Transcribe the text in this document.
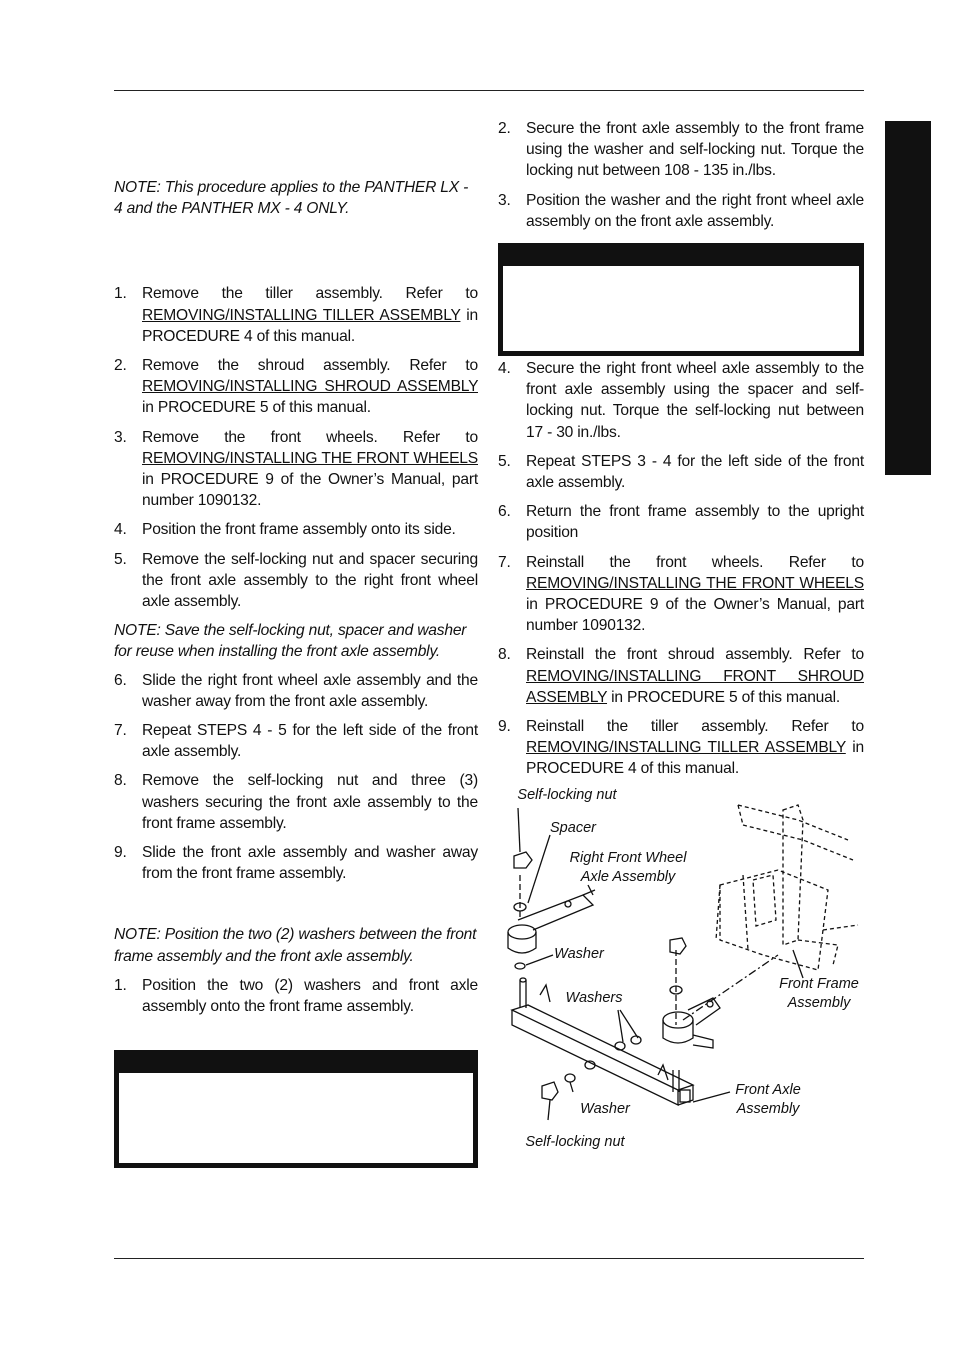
NOTE: This procedure applies to the PANTHER LX - 4 and the PANTHER MX - 4 ONLY.

1. Remove the tiller assembly. Refer to REMOVING/INSTALLING TILLER ASSEMBLY in PROCEDURE 4 of this manual.
2. Remove the shroud assembly. Refer to REMOVING/INSTALLING SHROUD ASSEMBLY in PROCEDURE 5 of this manual.
3. Remove the front wheels. Refer to REMOVING/INSTALLING THE FRONT WHEELS in PROCEDURE 9 of the Owner’s Manual, part number 1090132.
4. Position the front frame assembly onto its side.
5. Remove the self-locking nut and spacer securing the front axle assembly to the right front wheel axle assembly.

NOTE: Save the self-locking nut, spacer and washer for reuse when installing the front axle assembly.

6. Slide the right front wheel axle assembly and the washer away from the front axle assembly.
7. Repeat STEPS 4 - 5 for the left side of the front axle assembly.
8. Remove the self-locking nut and three (3) washers securing the front axle assembly to the front frame assembly.
9. Slide the front axle assembly and washer away from the front frame assembly.

NOTE: Position the two (2) washers between the front frame assembly and the front axle assembly.

1. Position the two (2) washers and front axle assembly onto the front frame assembly.
2. Secure the front axle assembly to the front frame using the washer and self-locking nut. Torque the locking nut between 108 - 135 in./lbs.
3. Position the washer and the right front wheel axle assembly on the front axle assembly.
4. Secure the right front wheel axle assembly to the front axle assembly using the spacer and self-locking nut. Torque the self-locking nut between 17 - 30 in./lbs.
5. Repeat STEPS 3 - 4 for the left side of the front axle assembly.
6. Return the front frame assembly to the upright position
7. Reinstall the front wheels. Refer to REMOVING/INSTALLING THE FRONT WHEELS in PROCEDURE 9 of the Owner’s Manual, part number 1090132.
8. Reinstall the front shroud assembly. Refer to REMOVING/INSTALLING FRONT SHROUD ASSEMBLY in PROCEDURE 5 of this manual.
9. Reinstall the tiller assembly. Refer to REMOVING/INSTALLING TILLER ASSEMBLY in PROCEDURE 4 of this manual.
Self-locking nut
Spacer
Right Front Wheel Axle Assembly
Washer
Washers
Front Frame Assembly
Front Axle Assembly
Washer
Self-locking nut
